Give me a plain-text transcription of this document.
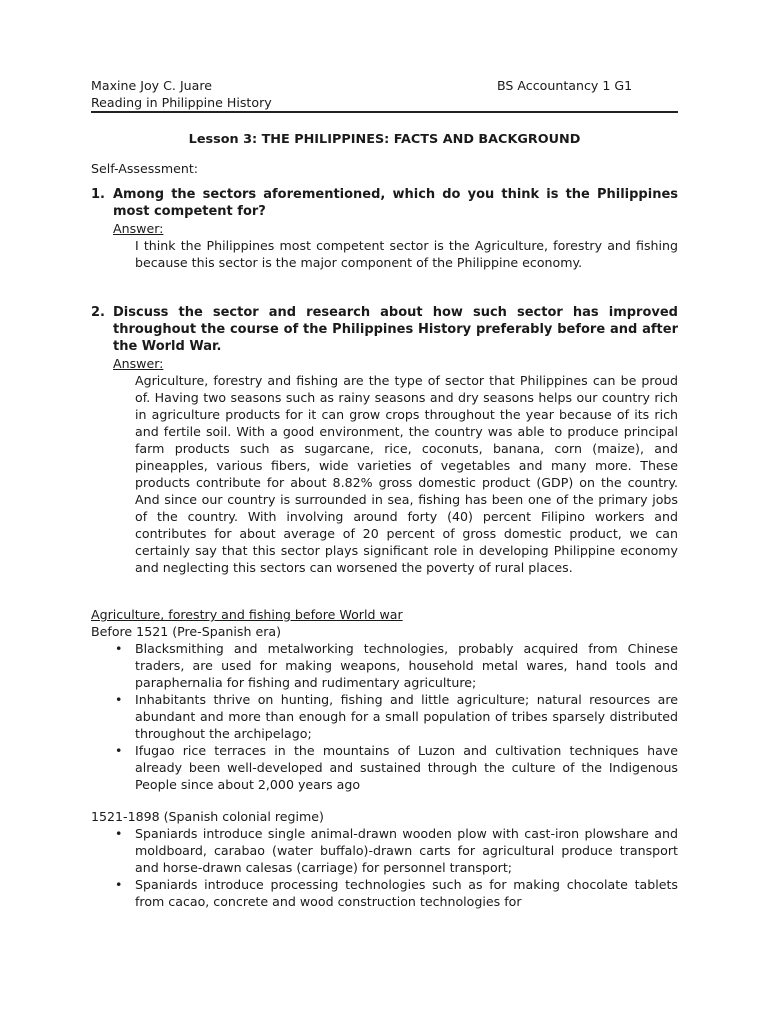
Maxine Joy C. Juare	BS Accountancy 1 G1
Reading in Philippine History
Lesson 3: THE PHILIPPINES: FACTS AND BACKGROUND
Self-Assessment:
1. Among the sectors aforementioned, which do you think is the Philippines most competent for?
Answer:
I think the Philippines most competent sector is the Agriculture, forestry and fishing because this sector is the major component of the Philippine economy.
2. Discuss the sector and research about how such sector has improved throughout the course of the Philippines History preferably before and after the World War.
Answer:
Agriculture, forestry and fishing are the type of sector that Philippines can be proud of. Having two seasons such as rainy seasons and dry seasons helps our country rich in agriculture products for it can grow crops throughout the year because of its rich and fertile soil. With a good environment, the country was able to produce principal farm products such as sugarcane, rice, coconuts, banana, corn (maize), and pineapples, various fibers, wide varieties of vegetables and many more. These products contribute for about 8.82% gross domestic product (GDP) on the country. And since our country is surrounded in sea, fishing has been one of the primary jobs of the country. With involving around forty (40) percent Filipino workers and contributes for about average of 20 percent of gross domestic product, we can certainly say that this sector plays significant role in developing Philippine economy and neglecting this sectors can worsened the poverty of rural places.
Agriculture, forestry and fishing before World war
Before 1521 (Pre-Spanish era)
• Blacksmithing and metalworking technologies, probably acquired from Chinese traders, are used for making weapons, household metal wares, hand tools and paraphernalia for fishing and rudimentary agriculture;
• Inhabitants thrive on hunting, fishing and little agriculture; natural resources are abundant and more than enough for a small population of tribes sparsely distributed throughout the archipelago;
• Ifugao rice terraces in the mountains of Luzon and cultivation techniques have already been well-developed and sustained through the culture of the Indigenous People since about 2,000 years ago
1521-1898 (Spanish colonial regime)
• Spaniards introduce single animal-drawn wooden plow with cast-iron plowshare and moldboard, carabao (water buffalo)-drawn carts for agricultural produce transport and horse-drawn calesas (carriage) for personnel transport;
• Spaniards introduce processing technologies such as for making chocolate tablets from cacao, concrete and wood construction technologies for
